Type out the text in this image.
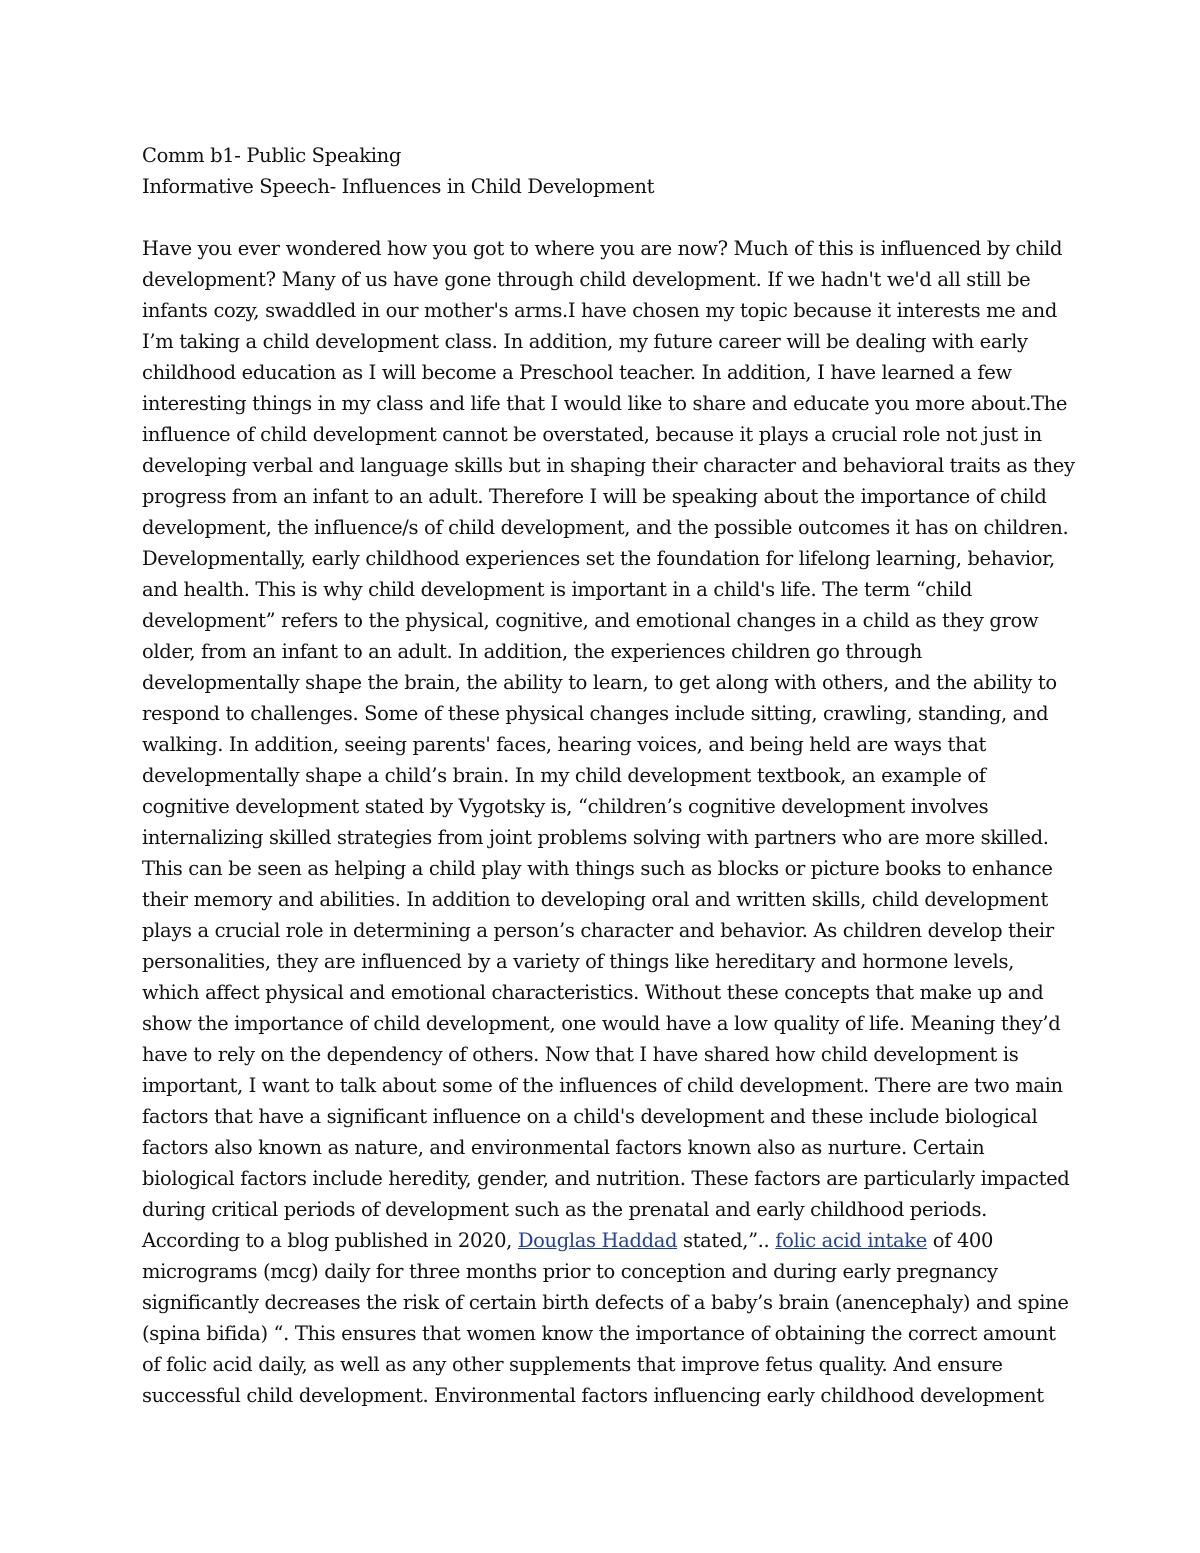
Comm b1- Public Speaking
Informative Speech- Influences in Child Development
Have you ever wondered how you got to where you are now? Much of this is influenced by child
development? Many of us have gone through child development. If we hadn't we'd all still be
infants cozy, swaddled in our mother's arms.I have chosen my topic because it interests me and
I’m taking a child development class. In addition, my future career will be dealing with early
childhood education as I will become a Preschool teacher. In addition, I have learned a few
interesting things in my class and life that I would like to share and educate you more about.The
influence of child development cannot be overstated, because it plays a crucial role not just in
developing verbal and language skills but in shaping their character and behavioral traits as they
progress from an infant to an adult. Therefore I will be speaking about the importance of child
development, the influence/s of child development, and the possible outcomes it has on children.
Developmentally, early childhood experiences set the foundation for lifelong learning, behavior,
and health. This is why child development is important in a child's life. The term “child
development” refers to the physical, cognitive, and emotional changes in a child as they grow
older, from an infant to an adult. In addition, the experiences children go through
developmentally shape the brain, the ability to learn, to get along with others, and the ability to
respond to challenges. Some of these physical changes include sitting, crawling, standing, and
walking. In addition, seeing parents' faces, hearing voices, and being held are ways that
developmentally shape a child’s brain. In my child development textbook, an example of
cognitive development stated by Vygotsky is, “children’s cognitive development involves
internalizing skilled strategies from joint problems solving with partners who are more skilled.
This can be seen as helping a child play with things such as blocks or picture books to enhance
their memory and abilities. In addition to developing oral and written skills, child development
plays a crucial role in determining a person’s character and behavior. As children develop their
personalities, they are influenced by a variety of things like hereditary and hormone levels,
which affect physical and emotional characteristics. Without these concepts that make up and
show the importance of child development, one would have a low quality of life. Meaning they’d
have to rely on the dependency of others. Now that I have shared how child development is
important, I want to talk about some of the influences of child development. There are two main
factors that have a significant influence on a child's development and these include biological
factors also known as nature, and environmental factors known also as nurture. Certain
biological factors include heredity, gender, and nutrition. These factors are particularly impacted
during critical periods of development such as the prenatal and early childhood periods.
According to a blog published in 2020, Douglas Haddad stated,”.. folic acid intake of 400
micrograms (mcg) daily for three months prior to conception and during early pregnancy
significantly decreases the risk of certain birth defects of a baby’s brain (anencephaly) and spine
(spina bifida) “. This ensures that women know the importance of obtaining the correct amount
of folic acid daily, as well as any other supplements that improve fetus quality. And ensure
successful child development. Environmental factors influencing early childhood development
